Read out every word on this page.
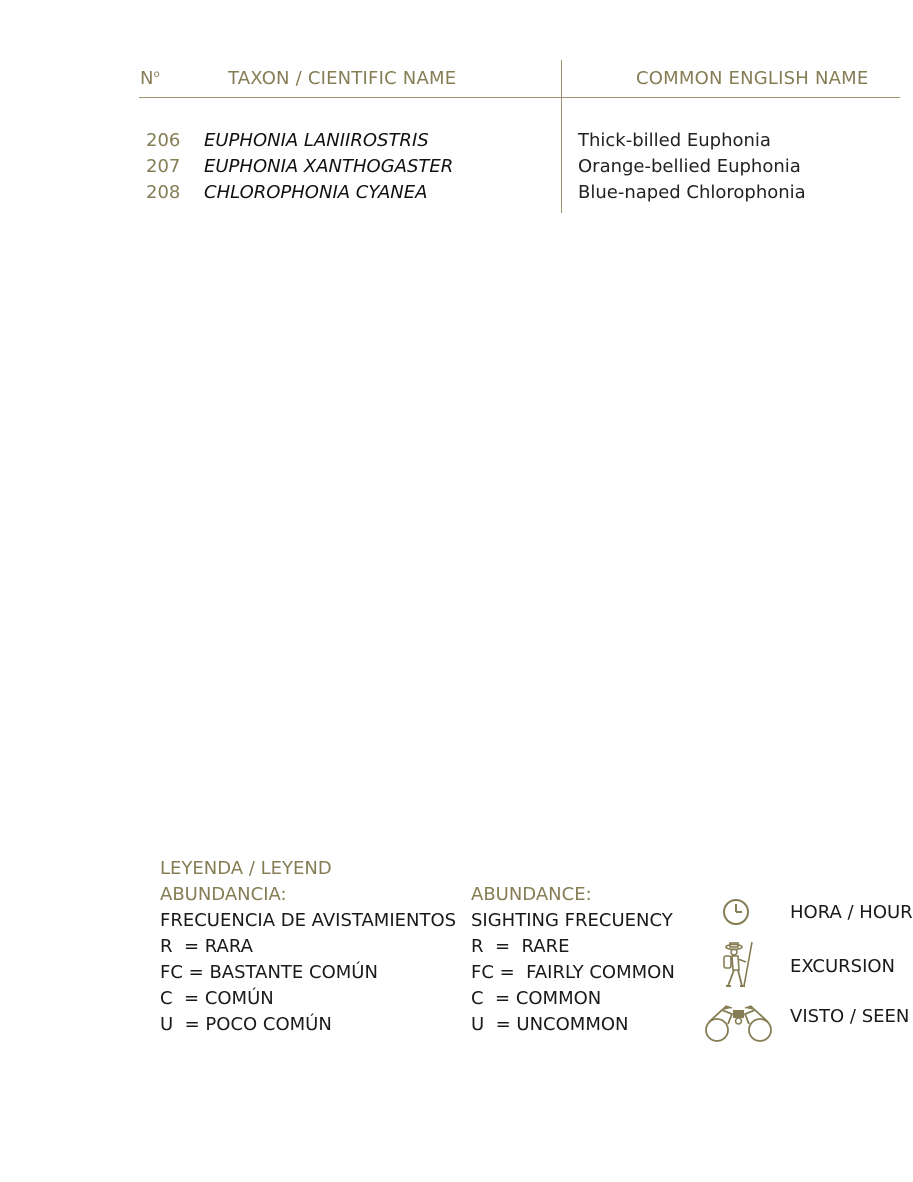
$N^o$	TAXON / CIENTIFIC NAME	COMMON ENGLISH NAME
206 EUPHONIA LANIIROSTRIS	Thick-billed Euphonia
207 EUPHONIA XANTHOGASTER	Orange-bellied Euphonia
208 CHLOROPHONIA CYANEA	Blue-naped Chlorophonia
LEYENDA / LEYEND
ABUNDANCIA:
FRECUENCIA DE AVISTAMIENTOS
R  = RARA
FC = BASTANTE COMÚN
C  = COMÚN
U  = POCO COMÚN
ABUNDANCE:
SIGHTING FRECUENCY
R  =  RARE
FC =  FAIRLY COMMON
C  = COMMON
U  = UNCOMMON
HORA / HOUR
EXCURSION
VISTO / SEEN
